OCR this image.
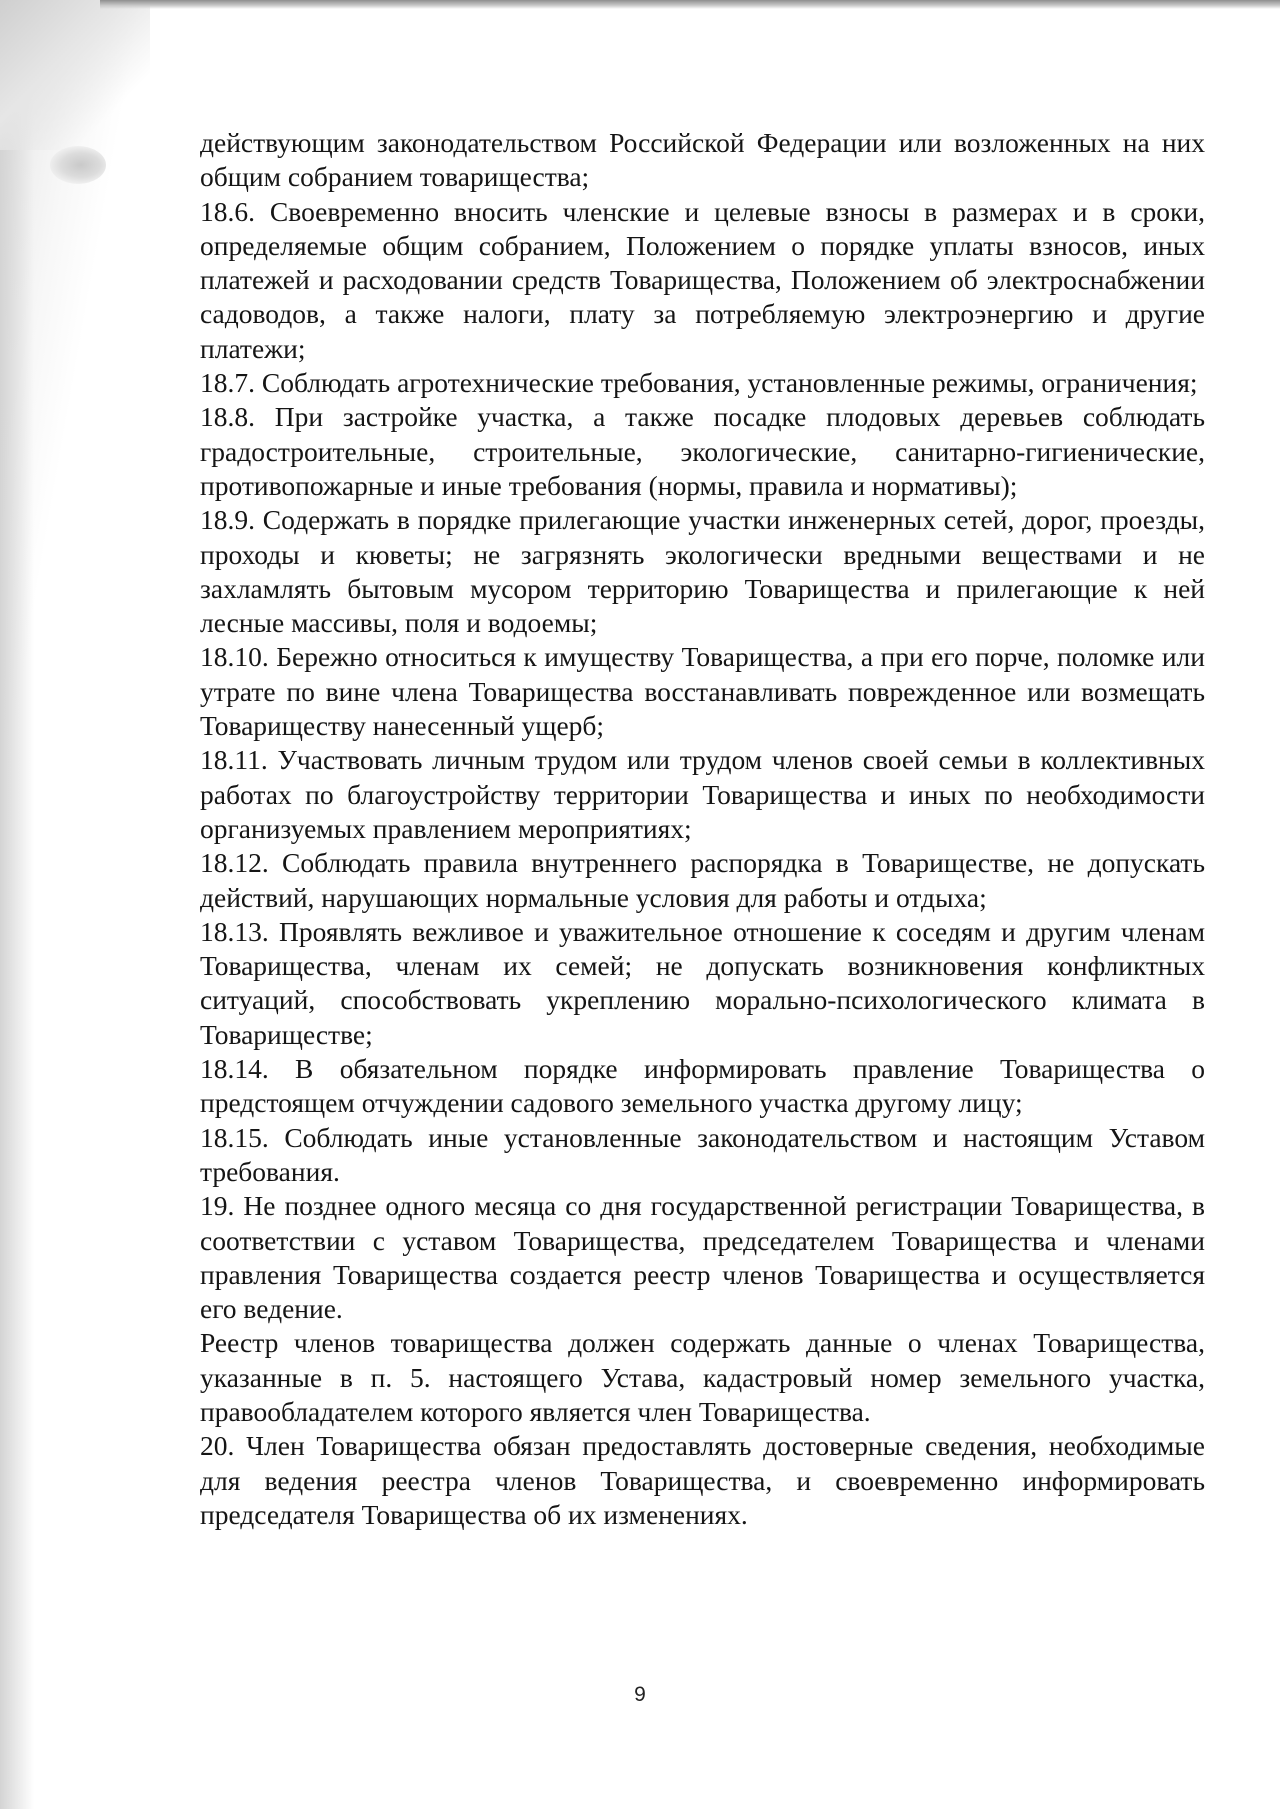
действующим законодательством Российской Федерации или возложенных на них общим собранием товарищества;

18.6. Своевременно вносить членские и целевые взносы в размерах и в сроки, определяемые общим собранием, Положением о порядке уплаты взносов, иных платежей и расходовании средств Товарищества, Положением об электроснабжении садоводов, а также налоги, плату за потребляемую электроэнергию и другие платежи;

18.7. Соблюдать агротехнические требования, установленные режимы, ограничения;

18.8. При застройке участка, а также посадке плодовых деревьев соблюдать градостроительные, строительные, экологические, санитарно-гигиенические, противопожарные и иные требования (нормы, правила и нормативы);

18.9. Содержать в порядке прилегающие участки инженерных сетей, дорог, проезды, проходы и кюветы; не загрязнять экологически вредными веществами и не захламлять бытовым мусором территорию Товарищества и прилегающие к ней лесные массивы, поля и водоемы;

18.10. Бережно относиться к имуществу Товарищества, а при его порче, поломке или утрате по вине члена Товарищества восстанавливать поврежденное или возмещать Товариществу нанесенный ущерб;

18.11. Участвовать личным трудом или трудом членов своей семьи в коллективных работах по благоустройству территории Товарищества и иных по необходимости организуемых правлением мероприятиях;

18.12. Соблюдать правила внутреннего распорядка в Товариществе, не допускать действий, нарушающих нормальные условия для работы и отдыха;

18.13. Проявлять вежливое и уважительное отношение к соседям и другим членам Товарищества, членам их семей; не допускать возникновения конфликтных ситуаций, способствовать укреплению морально-психологического климата в Товариществе;

18.14. В обязательном порядке информировать правление Товарищества о предстоящем отчуждении садового земельного участка другому лицу;

18.15. Соблюдать иные установленные законодательством и настоящим Уставом требования.

19. Не позднее одного месяца со дня государственной регистрации Товарищества, в соответствии с уставом Товарищества, председателем Товарищества и членами правления Товарищества создается реестр членов Товарищества и осуществляется его ведение.

Реестр членов товарищества должен содержать данные о членах Товарищества, указанные в п. 5. настоящего Устава, кадастровый номер земельного участка, правообладателем которого является член Товарищества.

20. Член Товарищества обязан предоставлять достоверные сведения, необходимые для ведения реестра членов Товарищества, и своевременно информировать председателя Товарищества об их изменениях.

9
